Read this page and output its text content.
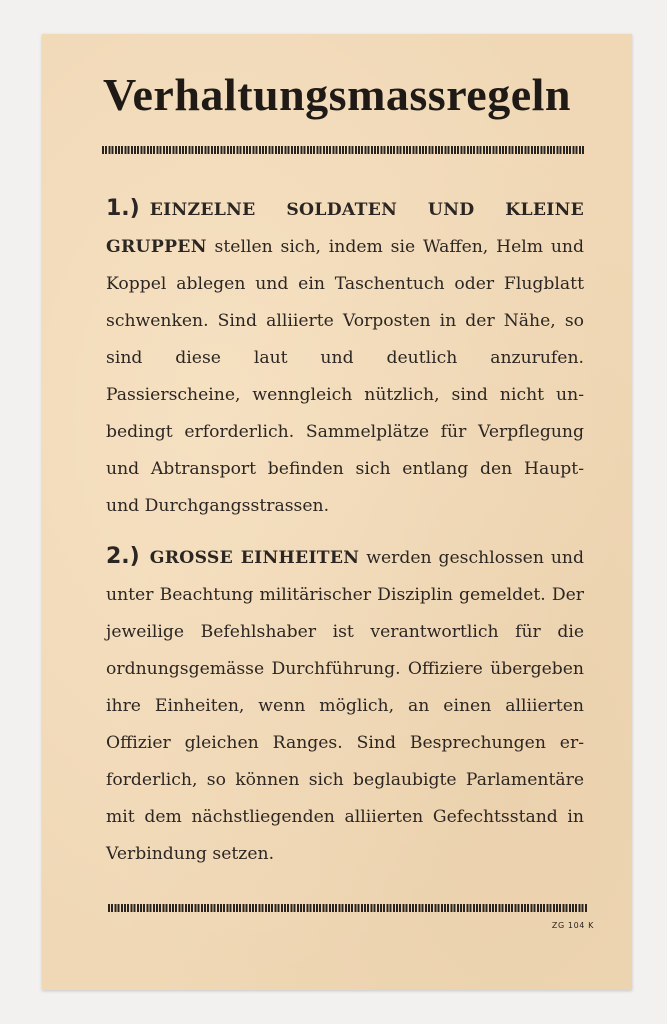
Verhaltungsmassregeln
1.) EINZELNE SOLDATEN UND KLEINE GRUPPEN stellen sich, indem sie Waffen, Helm und Koppel ablegen und ein Taschentuch oder Flugblatt schwenken. Sind alliierte Vorposten in der Nähe, so sind diese laut und deutlich anzurufen. Passierscheine, wenngleich nützlich, sind nicht unbedingt erforderlich. Sammelplätze für Verpflegung und Abtransport befinden sich entlang den Haupt- und Durchgangsstrassen.
2.) GROSSE EINHEITEN werden geschlossen und unter Beachtung militärischer Disziplin gemeldet. Der jeweilige Befehlshaber ist verantwortlich für die ordnungsgemässe Durchführung. Offiziere übergeben ihre Einheiten, wenn möglich, an einen alliierten Offizier gleichen Ranges. Sind Besprechungen erforderlich, so können sich beglaubigte Parlamentäre mit dem nächstliegenden alliierten Gefechtsstand in Verbindung setzen.
ZG 104 K
